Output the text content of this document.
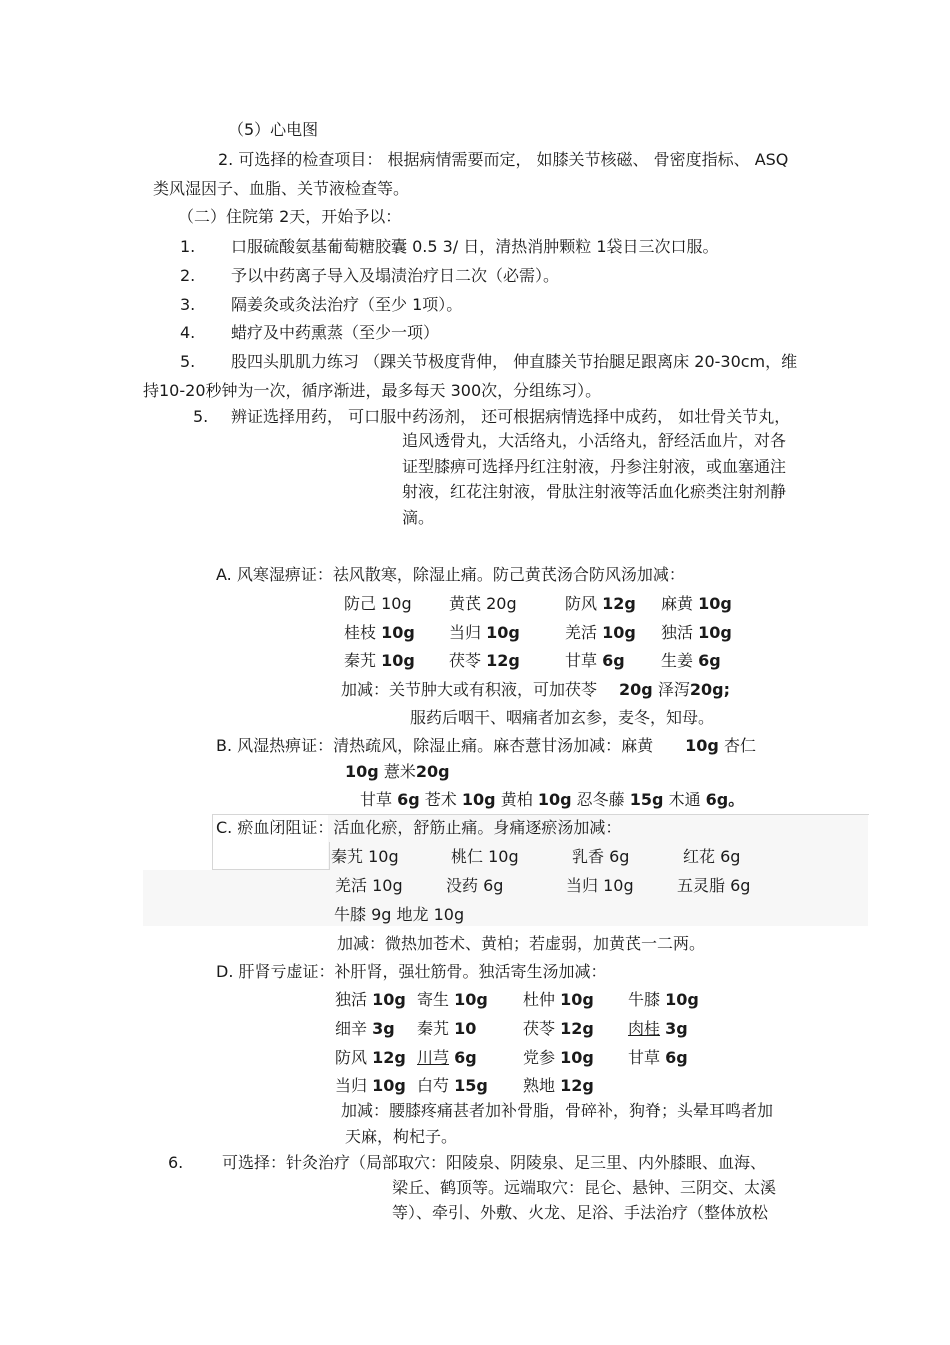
（5）心电图
2. 可选择的检查项目： 根据病情需要而定， 如膝关节核磁、 骨密度指标、 ASQ
类风湿因子、血脂、关节液检查等。
（二）住院第 2天，开始予以：
1. 口服硫酸氨基葡萄糖胶囊 0.5 3/ 日，清热消肿颗粒 1袋日三次口服。
2. 予以中药离子导入及塌渍治疗日二次（必需）。
3. 隔姜灸或灸法治疗（至少 1项）。
4. 蜡疗及中药熏蒸（至少一项）
5. 股四头肌肌力练习 （踝关节极度背伸， 伸直膝关节抬腿足跟离床 20-30cm，维
持10-20秒钟为一次，循序渐进，最多每天 300次，分组练习）。
5. 辨证选择用药， 可口服中药汤剂， 还可根据病情选择中成药， 如壮骨关节丸，
追风透骨丸，大活络丸，小活络丸，舒经活血片，对各
证型膝痹可选择丹红注射液，丹参注射液，或血塞通注
射液，红花注射液，骨肽注射液等活血化瘀类注射剂静
滴。
A. 风寒湿痹证：祛风散寒，除湿止痛。防己黄芪汤合防风汤加减：
防己 10g 黄芪 20g	防风 12g 麻黄 10g
桂枝 10g 当归 10g	羌活 10g 独活 10g
秦艽 10g 茯苓 12g	甘草 6g 生姜 6g
加减：关节肿大或有积液，可加茯苓 20g 泽泻20g;
服药后咽干、咽痛者加玄参，麦冬，知母。
B. 风湿热痹证：清热疏风，除湿止痛。麻杏薏甘汤加减：麻黄 10g 杏仁
10g 薏米20g
甘草 6g 苍术 10g 黄柏 10g 忍冬藤 15g 木通 6g。
C. 瘀血闭阻证：活血化瘀，舒筋止痛。身痛逐瘀汤加减：
秦艽 10g	桃仁 10g	乳香 6g	红花 6g
羌活 10g	没药 6g	当归 10g	五灵脂 6g
牛膝 9g 地龙 10g
加减：微热加苍术、黄柏；若虚弱，加黄芪一二两。
D. 肝肾亏虚证：补肝肾，强壮筋骨。独活寄生汤加减：
独活 10g 寄生 10g 杜仲 10g 牛膝 10g
细辛 3g 秦艽 10	茯苓 12g 肉桂 3g
防风 12g 川芎 6g	党参 10g 甘草 6g
当归 10g 白芍 15g 熟地 12g
加减：腰膝疼痛甚者加补骨脂，骨碎补，狗脊；头晕耳鸣者加
天麻，枸杞子。
6. 可选择：针灸治疗（局部取穴：阳陵泉、阴陵泉、足三里、内外膝眼、血海、
梁丘、鹤顶等。远端取穴：昆仑、悬钟、三阴交、太溪
等）、牵引、外敷、火龙、足浴、手法治疗（整体放松
